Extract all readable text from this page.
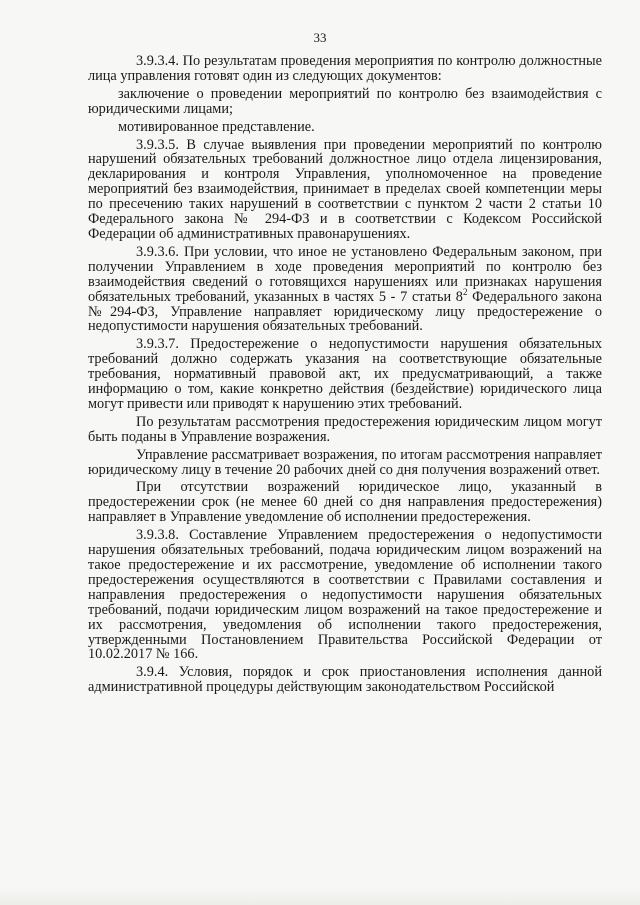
33

3.9.3.4. По результатам проведения мероприятия по контролю должностные лица управления готовят один из следующих документов:

заключение о проведении мероприятий по контролю без взаимодействия с юридическими лицами;

мотивированное представление.

3.9.3.5. В случае выявления при проведении мероприятий по контролю нарушений обязательных требований должностное лицо отдела лицензирования, декларирования и контроля Управления, уполномоченное на проведение мероприятий без взаимодействия, принимает в пределах своей компетенции меры по пресечению таких нарушений в соответствии с пунктом 2 части 2 статьи 10 Федерального закона № 294-ФЗ и в соответствии с Кодексом Российской Федерации об административных правонарушениях.

3.9.3.6. При условии, что иное не установлено Федеральным законом, при получении Управлением в ходе проведения мероприятий по контролю без взаимодействия сведений о готовящихся нарушениях или признаках нарушения обязательных требований, указанных в частях 5 - 7 статьи $8^2$ Федерального закона №294-ФЗ, Управление направляет юридическому лицу предостережение о недопустимости нарушения обязательных требований.

3.9.3.7. Предостережение о недопустимости нарушения обязательных требований должно содержать указания на соответствующие обязательные требования, нормативный правовой акт, их предусматривающий, а также информацию о том, какие конкретно действия (бездействие) юридического лица могут привести или приводят к нарушению этих требований.

По результатам рассмотрения предостережения юридическим лицом могут быть поданы в Управление возражения.

Управление рассматривает возражения, по итогам рассмотрения направляет юридическому лицу в течение 20 рабочих дней со дня получения возражений ответ.

При отсутствии возражений юридическое лицо, указанный в предостережении срок (не менее 60 дней со дня направления предостережения) направляет в Управление уведомление об исполнении предостережения.

3.9.3.8. Составление Управлением предостережения о недопустимости нарушения обязательных требований, подача юридическим лицом возражений на такое предостережение и их рассмотрение, уведомление об исполнении такого предостережения осуществляются в соответствии с Правилами составления и направления предостережения о недопустимости нарушения обязательных требований, подачи юридическим лицом возражений на такое предостережение и их рассмотрения, уведомления об исполнении такого предостережения, утвержденными Постановлением Правительства Российской Федерации от 10.02.2017 № 166.

3.9.4. Условия, порядок и срок приостановления исполнения данной административной процедуры действующим законодательством Российской
